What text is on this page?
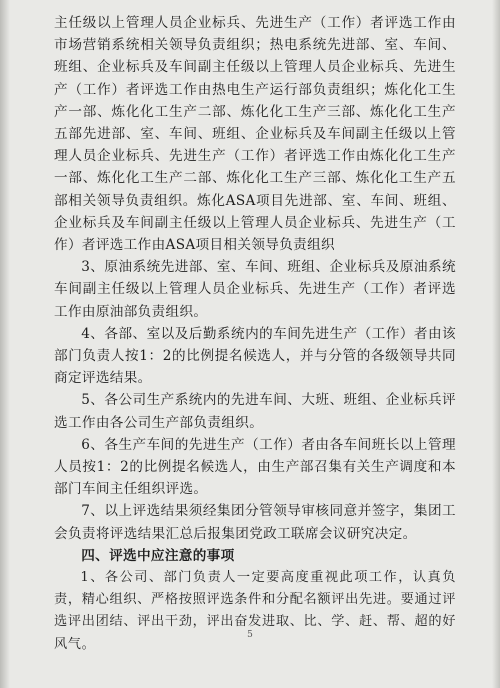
主任级以上管理人员企业标兵、先进生产（工作）者评选工作由市场营销系统相关领导负责组织；热电系统先进部、室、车间、班组、企业标兵及车间副主任级以上管理人员企业标兵、先进生产（工作）者评选工作由热电生产运行部负责组织；炼化化工生产一部、炼化化工生产二部、炼化化工生产三部、炼化化工生产五部先进部、室、车间、班组、企业标兵及车间副主任级以上管理人员企业标兵、先进生产（工作）者评选工作由炼化化工生产一部、炼化化工生产二部、炼化化工生产三部、炼化化工生产五部相关领导负责组织。炼化ASA项目先进部、室、车间、班组、企业标兵及车间副主任级以上管理人员企业标兵、先进生产（工作）者评选工作由ASA项目相关领导负责组织

3、原油系统先进部、室、车间、班组、企业标兵及原油系统车间副主任级以上管理人员企业标兵、先进生产（工作）者评选工作由原油部负责组织。

4、各部、室以及后勤系统内的车间先进生产（工作）者由该部门负责人按1：2的比例提名候选人，并与分管的各级领导共同商定评选结果。

5、各公司生产系统内的先进车间、大班、班组、企业标兵评选工作由各公司生产部负责组织。

6、各生产车间的先进生产（工作）者由各车间班长以上管理人员按1：2的比例提名候选人，由生产部召集有关生产调度和本部门车间主任组织评选。

7、以上评选结果须经集团分管领导审核同意并签字，集团工会负责将评选结果汇总后报集团党政工联席会议研究决定。

四、评选中应注意的事项

1、各公司、部门负责人一定要高度重视此项工作，认真负责，精心组织、严格按照评选条件和分配名额评出先进。要通过评选评出团结、评出干劲，评出奋发进取、比、学、赶、帮、超的好风气。

5
